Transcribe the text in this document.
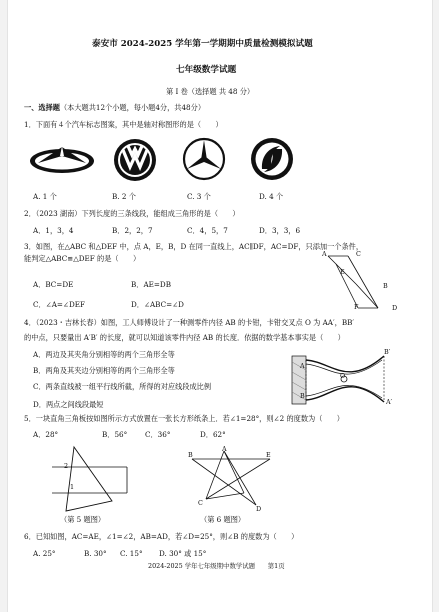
泰安市 2024-2025 学年第一学期期中质量检测模拟试题
七年级数学试题
第 I 卷（选择题 共 48 分）
一、选择题（本大题共12个小题，每小题4分，共48分）
1．下面有４个汽车标志图案，其中是轴对称图形的是（　　）
A. 1 个	B. 2 个	C. 3 个	D. 4 个
2．（2023 湖南）下列长度的三条线段，能组成三角形的是（　　）
A．1，3，4	B．2，2，7	C．4，5，7	D．3，3，6
3．如图，在△ABC 和△DEF 中，点 A，E，B，D 在同一直线上，AC∥DF，AC=DF，只添加一个条件，
能判定△ABC≌△DEF 的是（　　）
A．BC=DE	B．AE=DB
C．∠A=∠DEF	D．∠ABC=∠D
A
E
B
C
F	D
4．（2023・吉林长春）如图，工人师傅设计了一种测零件内径 AB 的卡钳，卡钳交叉点 O 为 AA′，BB′
的中点，只要量出 A′B′ 的长度，就可以知道该零件内径 AB 的长度．依据的数学基本事实是（　　）
A．两边及其夹角分别相等的两个三角形全等
B．两角及其夹边分别相等的两个三角形全等
C．两条直线被一组平行线所截，所得的对应线段成比例
D．两点之间线段最短
B′
A
O
B
A′
5．一块直角三角板按如图所示方式放置在一张长方形纸条上．若∠1=28°，则∠2 的度数为（　　）
A．28°	B．56° C．36°	D．62°
2
1
（第 5 题图）
B
A
E
C
D
（第 6 题图）
6．已知如图，AC=AE，∠1=∠2，AB=AD，若∠D=25°，则∠B 的度数为（　　）
A. 25°	B. 30° C. 15° D. 30° 或 15°
2024-2025 学年七年级期中数学试题　　第1页
